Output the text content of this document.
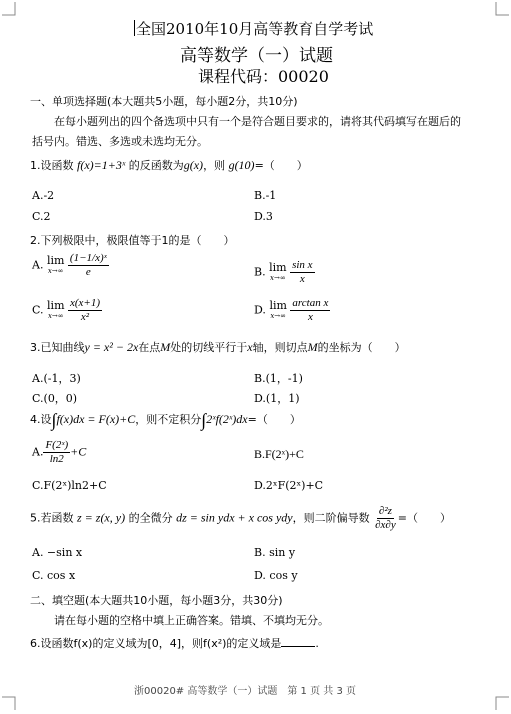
全国2010年10月高等教育自学考试
高等数学（一）试题
课程代码：00020
一、单项选择题(本大题共5小题，每小题2分，共10分)
在每小题列出的四个备选项中只有一个是符合题目要求的，请将其代码填写在题后的
括号内。错选、多选或未选均无分。
1.设函数 f(x)=1+3ˣ 的反函数为g(x)，则 g(10)=（　　）
A.-2	B.-1
C.2	D.3
2.下列极限中，极限值等于1的是（　　）
A. lim
x→∞
$\frac{\text{(1−1/x)ˣ}}{e}$	B. lim
x→∞
$\frac{\text{sin x}}{x}$
C. lim
x→∞
$\frac{x(x+1)}{\text{x²}}$	D. lim
x→∞
$\frac{\text{arctan x}}{x}$
3.已知曲线y = x² − 2x在点M处的切线平行于x轴，则切点M的坐标为（　　）
A.(-1，3)	B.(1，-1)
C.(0，0)	D.(1，1)
4.设∫f(x)dx = F(x)+C，则不定积分∫2ˣf(2ˣ)dx=（　　）
A. $\frac{\text{F(2ˣ)}}{\ln 2} +C$	B.F(2ˣ)+C
C.F(2ˣ)ln2+C	D.2ˣF(2ˣ)+C
5.若函数 z = z(x, y) 的全微分 dz = sin ydx + x cos ydy，则二阶偏导数 $\frac{\text{∂²z}}{\partial x\partial y}$ =（　　）
A. −sin x	B. sin y
C. cos x	D. cos y
二、填空题(本大题共10小题，每小题3分，共30分)
请在每小题的空格中填上正确答案。错填、不填均无分。
6.设函数f(x)的定义域为[0，4]，则f(x²)的定义域是	.
浙00020# 高等数学（一）试题　第 1 页 共 3 页
